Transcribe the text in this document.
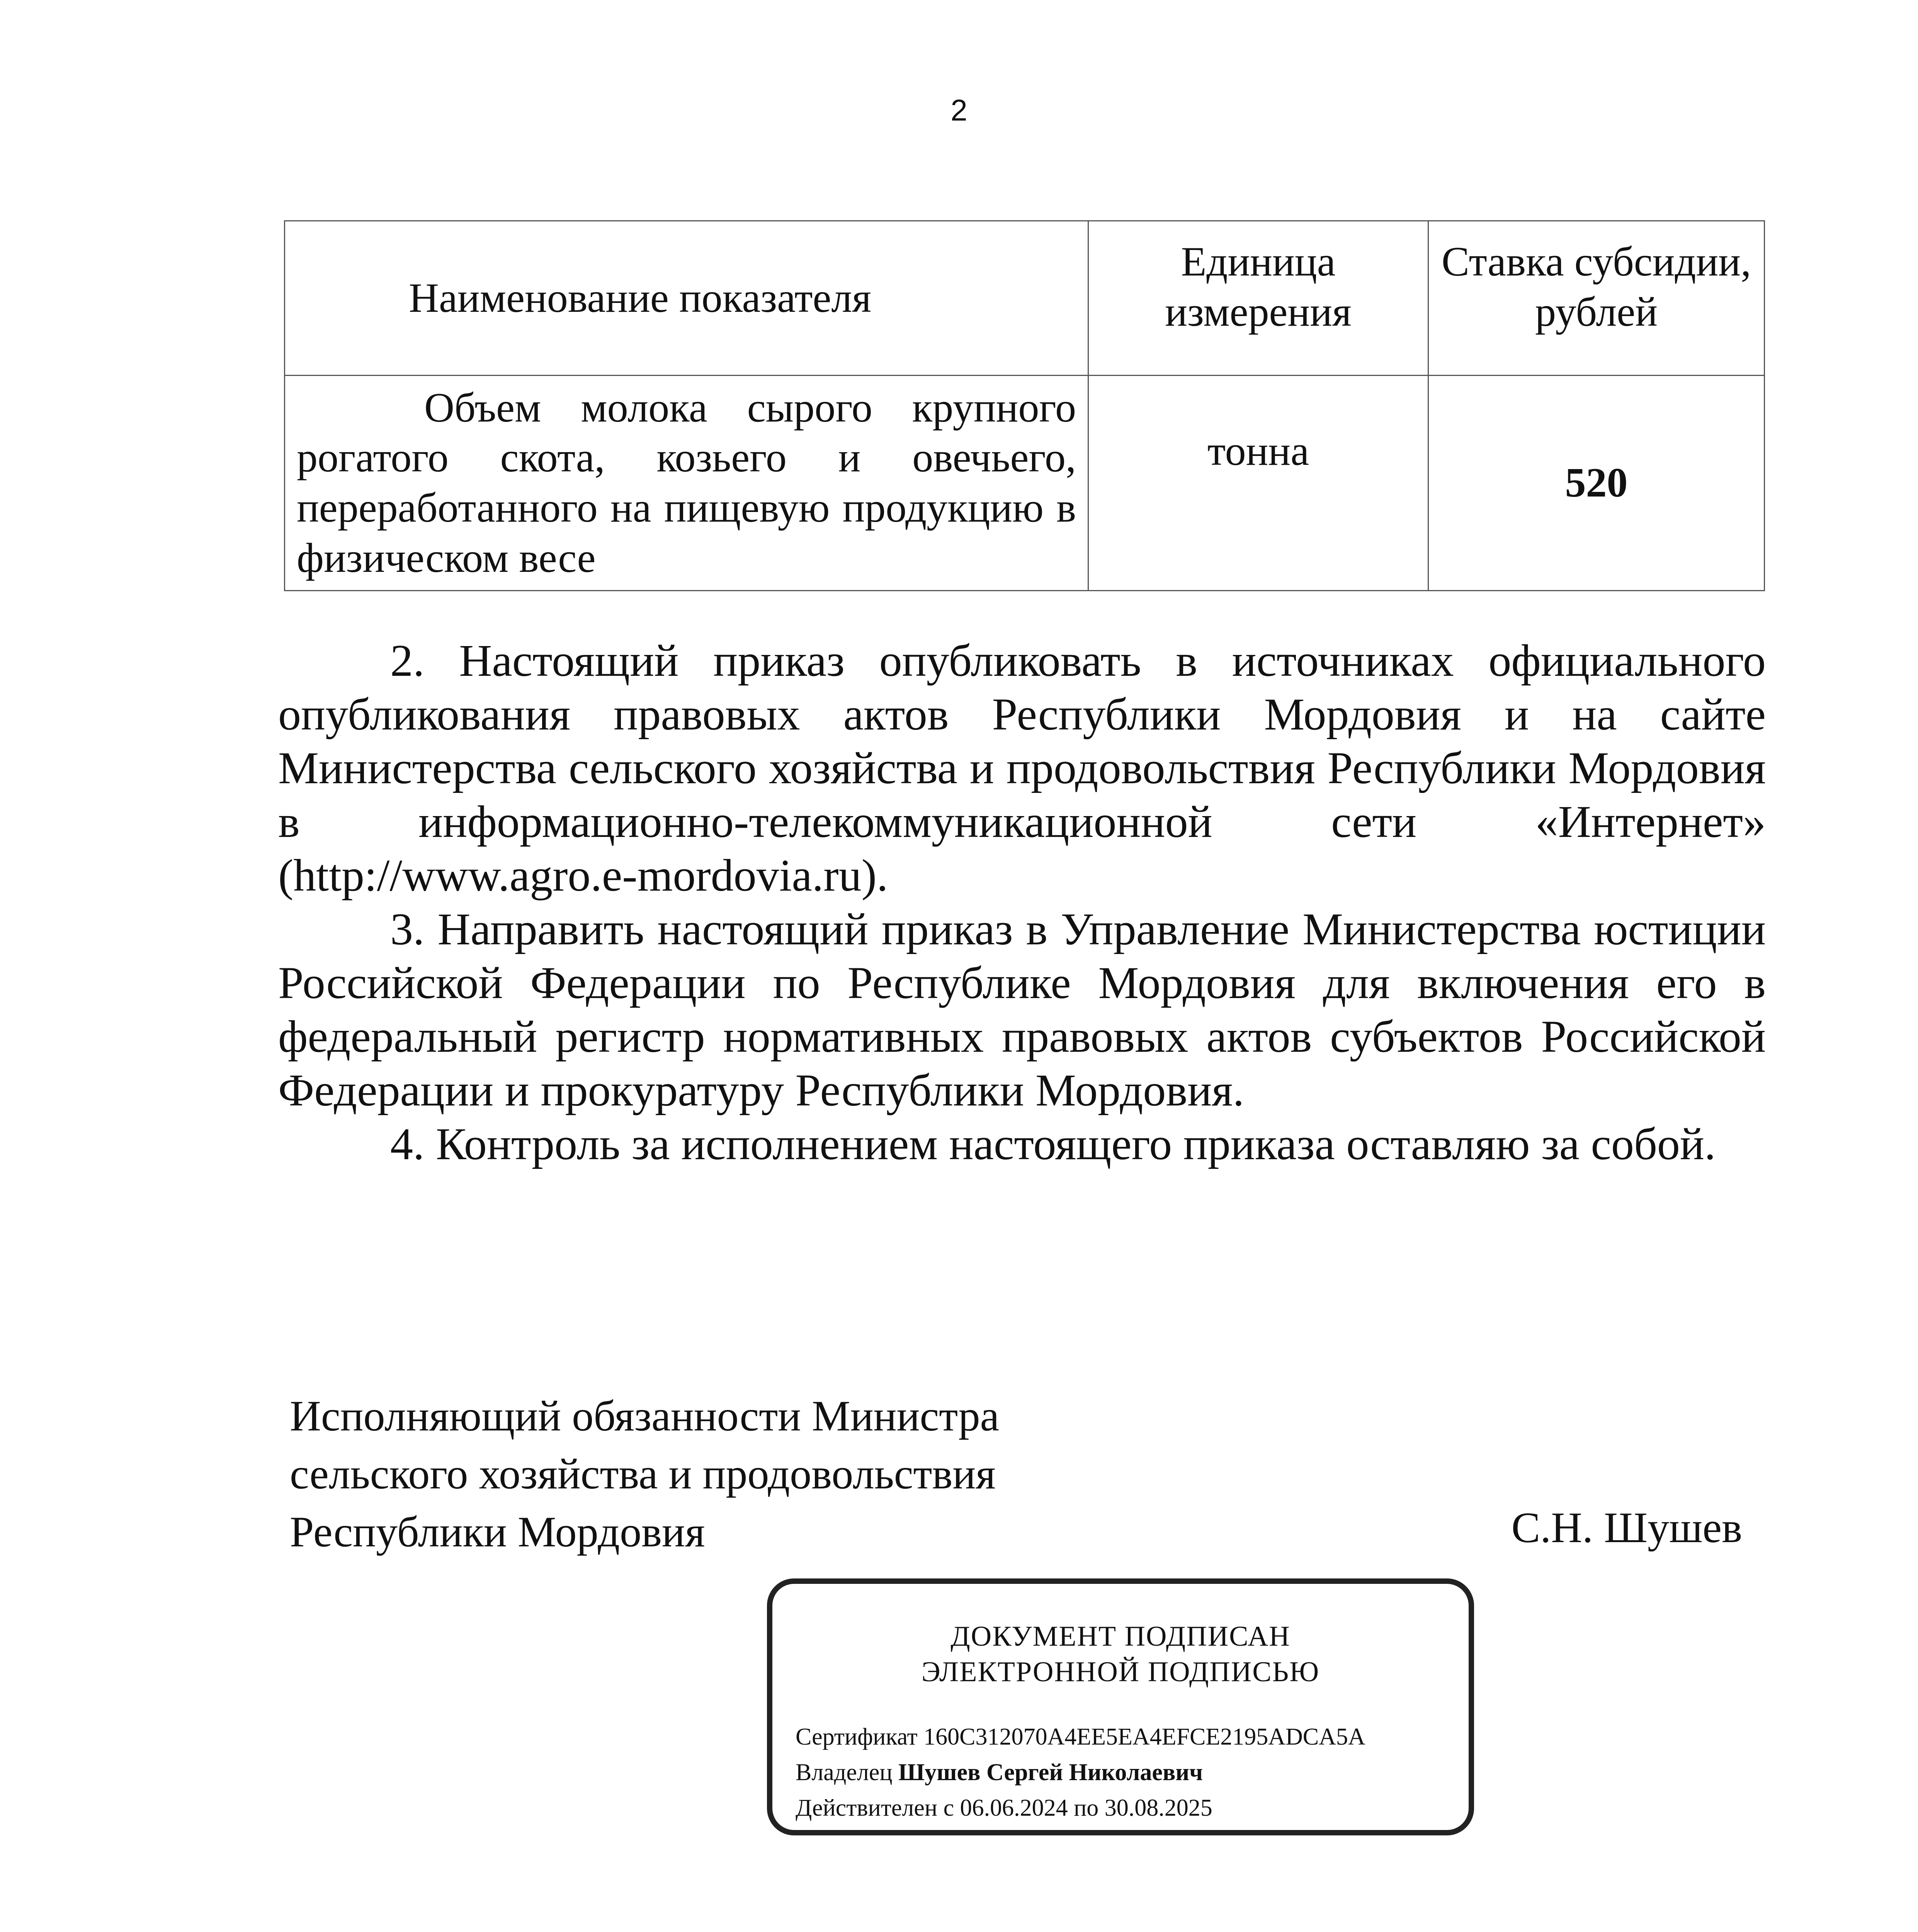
2
Наименование показателя	Единица измерения	Ставка субсидии, рублей
Объем молока сырого крупного рогатого скота, козьего и овечьего, переработанного на пищевую продукцию в физическом весе	тонна	520

2. Настоящий приказ опубликовать в источниках официального опубликования правовых актов Республики Мордовия и на сайте Министерства сельского хозяйства и продовольствия Республики Мордовия в информационно-телекоммуникационной сети «Интернет» (http://www.agro.e-mordovia.ru).

3. Направить настоящий приказ в Управление Министерства юстиции Российской Федерации по Республике Мордовия для включения его в федеральный регистр нормативных правовых актов субъектов Российской Федерации и прокуратуру Республики Мордовия.

4. Контроль за исполнением настоящего приказа оставляю за собой.

Исполняющий обязанности Министра
сельского хозяйства и продовольствия
Республики Мордовия	С.Н. Шушев
ДОКУМЕНТ ПОДПИСАН
ЭЛЕКТРОННОЙ ПОДПИСЬЮ
Сертификат 160C312070A4EE5EA4EFCE2195ADCA5A
Владелец Шушев Сергей Николаевич
Действителен с 06.06.2024 по 30.08.2025
